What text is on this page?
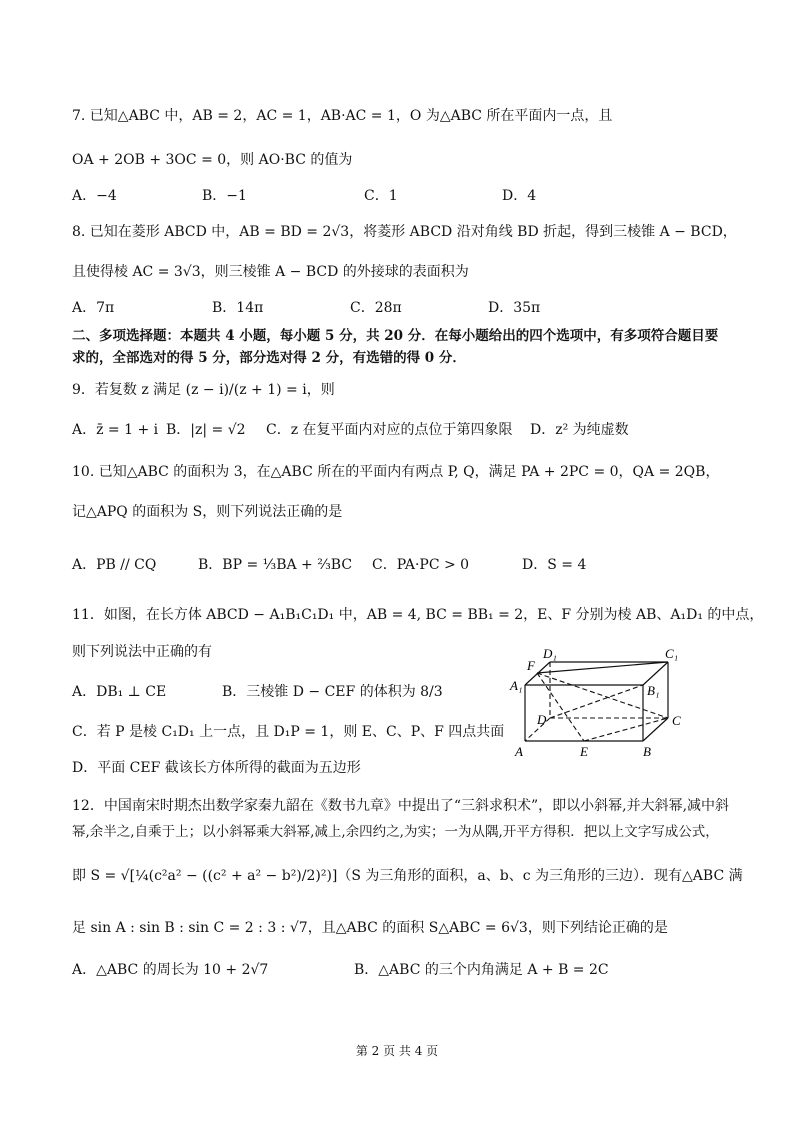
7. 已知△ABC 中，AB = 2，AC = 1，AB·AC = 1，O 为△ABC 所在平面内一点，且
OA + 2OB + 3OC = 0，则 AO·BC 的值为
A．−4	B．−1	C．1	D．4
8. 已知在菱形 ABCD 中，AB = BD = 2√3，将菱形 ABCD 沿对角线 BD 折起，得到三棱锥 A − BCD，
且使得棱 AC = 3√3，则三棱锥 A − BCD 的外接球的表面积为
A．7π	B．14π	C．28π	D．35π
二、多项选择题：本题共 4 小题，每小题 5 分，共 20 分．在每小题给出的四个选项中，有多项符合题目要
求的，全部选对的得 5 分，部分选对得 2 分，有选错的得 0 分．
9．若复数 z 满足 (z − i)/(z + 1) = i，则
A．z̄ = 1 + i B．|z| = √2 C．z 在复平面内对应的点位于第四象限 D．z² 为纯虚数
10. 已知△ABC 的面积为 3，在△ABC 所在的平面内有两点 P, Q，满足 PA + 2PC = 0，QA = 2QB，
记△APQ 的面积为 S，则下列说法正确的是
A．PB // CQ	B．BP = ⅓BA + ⅔BC C．PA·PC > 0	D．S = 4
11．如图，在长方体 ABCD − A₁B₁C₁D₁ 中，AB = 4, BC = BB₁ = 2，E、F 分别为棱 AB、A₁D₁ 的中点，
则下列说法中正确的有
A．DB₁ ⊥ CE	B．三棱锥 D − CEF 的体积为 8/3
C．若 P 是棱 C₁D₁ 上一点，且 D₁P = 1，则 E、C、P、F 四点共面
D．平面 CEF 截该长方体所得的截面为五边形
F
D₁	C₁
A₁	B₁
D	C
A	E	B
12．中国南宋时期杰出数学家秦九韶在《数书九章》中提出了“三斜求积术”，即以小斜幂,并大斜幂,减中斜
幂,余半之,自乘于上；以小斜幂乘大斜幂,减上,余四约之,为实；一为从隅,开平方得积．把以上文字写成公式，
即 S = √[¼(c²a² − ((c² + a² − b²)/2)²)]（S 为三角形的面积，a、b、c 为三角形的三边）．现有△ABC 满
足 sin A : sin B : sin C = 2 : 3 : √7，且△ABC 的面积 S△ABC = 6√3，则下列结论正确的是
A．△ABC 的周长为 10 + 2√7	B．△ABC 的三个内角满足 A + B = 2C
第 2 页 共 4 页
